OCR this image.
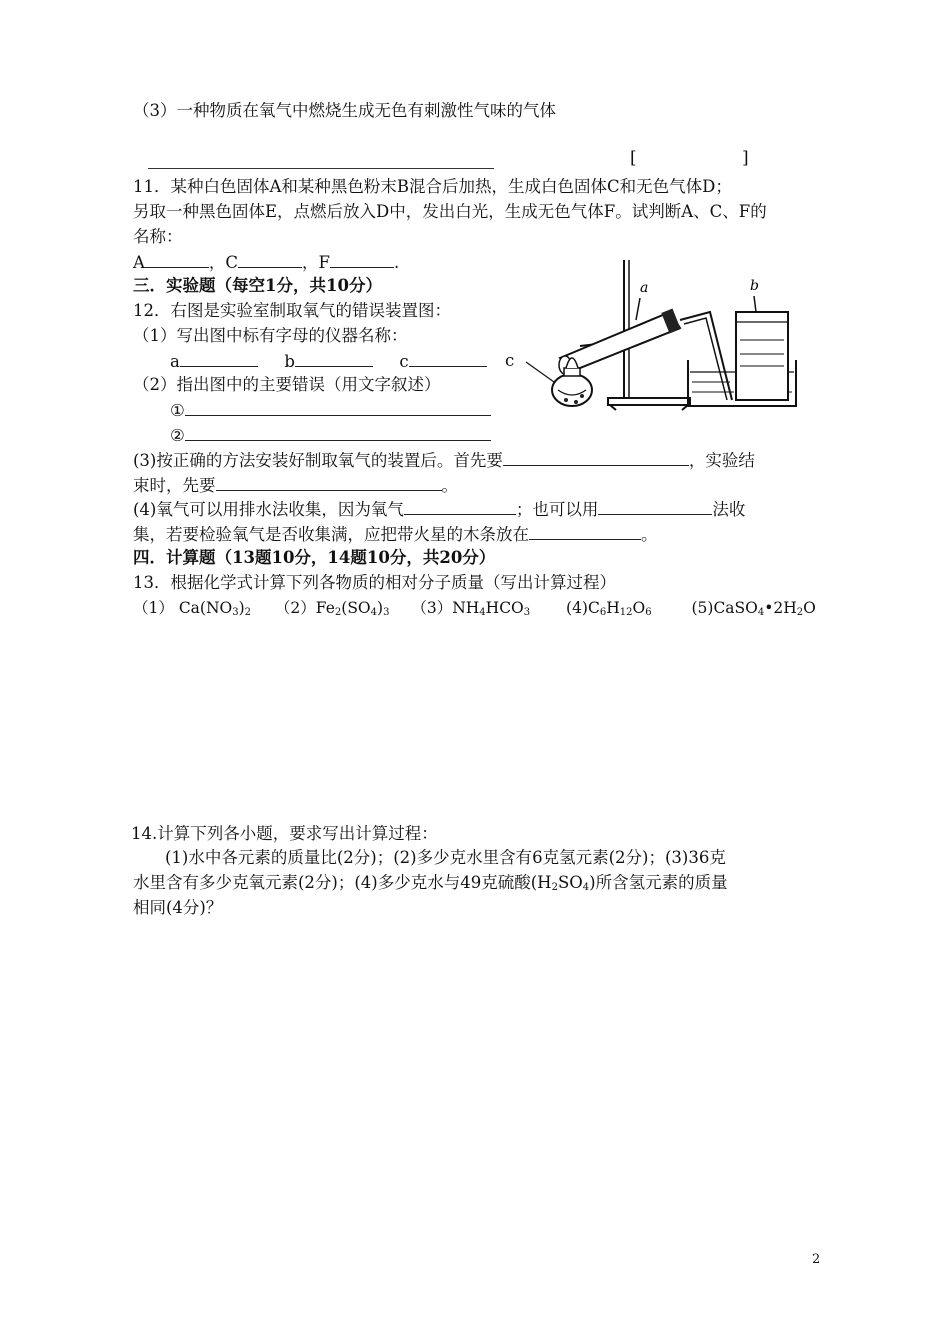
（3）一种物质在氧气中燃烧生成无色有刺激性气味的气体
[	]
11．某种白色固体A和某种黑色粉末B混合后加热，生成白色固体C和无色气体D；
另取一种黑色固体E，点燃后放入D中，发出白光，生成无色气体F。试判断A、C、F的
名称：
A	，C	，F	.
三．实验题（每空1分，共10分）
12．右图是实验室制取氧气的错误装置图：
（1）写出图中标有字母的仪器名称：
a	b	c	c
（2）指出图中的主要错误（用文字叙述）
①
②
a	b
(3)按正确的方法安装好制取氧气的装置后。首先要	，实验结
束时，先要	。
(4)氧气可以用排水法收集，因为氧气	；也可以用	法收
集，若要检验氧气是否收集满，应把带火星的木条放在	。
四．计算题（13题10分，14题10分，共20分）
13．根据化学式计算下列各物质的相对分子质量（写出计算过程）
（1） $Ca(NO_3)_2$ $(2)Fe_2(SO_4)_3$ $(3)NH_4HCO_3$ $(4)C_6H_{12}O_6$	$(5)CaSO_4•2H_2O$
14.计算下列各小题，要求写出计算过程：
(1)水中各元素的质量比(2分)；(2)多少克水里含有6克氢元素(2分)；(3)36克
水里含有多少克氧元素(2分)；(4)多少克水与49克硫酸$(H_2SO_4)$所含氢元素的质量
相同(4分)？
2
